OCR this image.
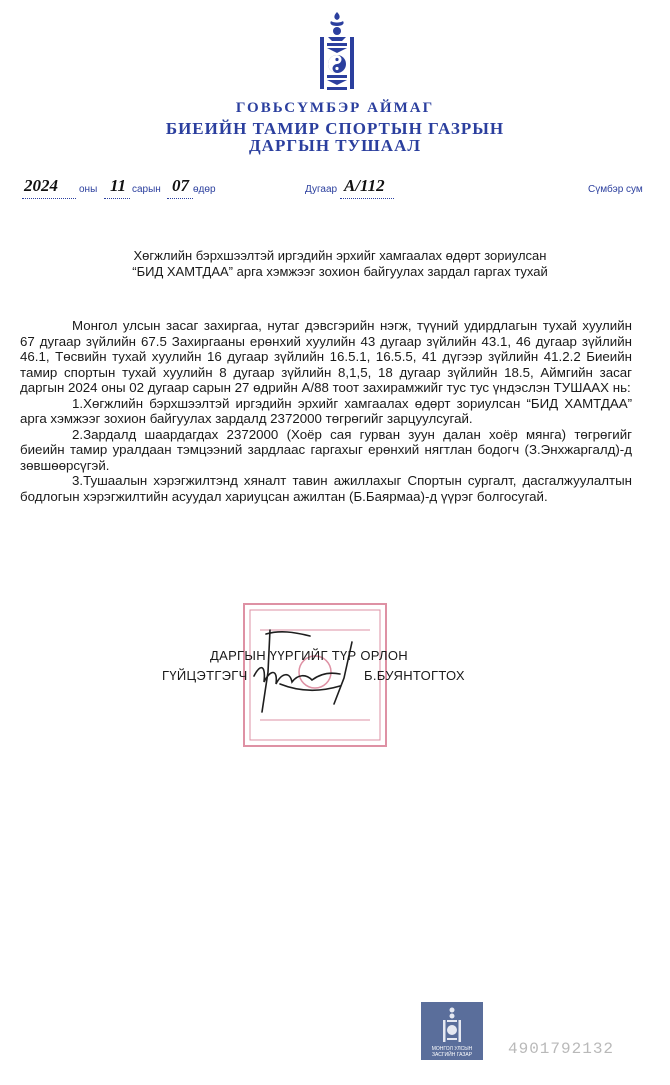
ГОВЬСҮМБЭР АЙМАГ
БИЕИЙН ТАМИР СПОРТЫН ГАЗРЫН
ДАРГЫН ТУШААЛ
2024 оны 11 сарын 07 өдөр	Дугаар А/112	Сүмбэр сум
Хөгжлийн бэрхшээлтэй иргэдийн эрхийг хамгаалах өдөрт зориулсан
“БИД ХАМТДАА” арга хэмжээг зохион байгуулах зардал гаргах тухай

Монгол улсын засаг захиргаа, нутаг дэвсгэрийн нэгж, түүний удирдлагын тухай хуулийн 67 дугаар зүйлийн 67.5 Захиргааны ерөнхий хуулийн 43 дугаар зүйлийн 43.1, 46 дугаар зүйлийн 46.1, Төсвийн тухай хуулийн 16 дугаар зүйлийн 16.5.1, 16.5.5, 41 дүгээр зүйлийн 41.2.2 Биеийн тамир спортын тухай хуулийн 8 дугаар зүйлийн 8,1,5, 18 дугаар зүйлийн 18.5, Аймгийн засаг даргын 2024 оны 02 дугаар сарын 27 өдрийн А/88 тоот захирамжийг тус тус үндэслэн ТУШААХ нь:

1.Хөгжлийн бэрхшээлтэй иргэдийн эрхийг хамгаалах өдөрт зориулсан “БИД ХАМТДАА” арга хэмжээг зохион байгуулах зардалд 2372000 төгрөгийг зарцуулсугай.

2.Зардалд шаардагдах 2372000 (Хоёр сая гурван зуун далан хоёр мянга) төгрөгийг биеийн тамир уралдаан тэмцээний зардлаас гаргахыг ерөнхий нягтлан бодогч (З.Энхжаргалд)-д зөвшөөрсүгэй.

3.Тушаалын хэрэгжилтэнд хяналт тавин ажиллахыг Спортын сургалт, дасгалжуулалтын бодлогын хэрэгжилтийн асуудал хариуцсан ажилтан (Б.Баярмаа)-д үүрэг болгосугай.

ДАРГЫН ҮҮРГИЙГ ТҮР ОРЛОН
ГҮЙЦЭТГЭГЧ	Б.БУЯНТОГТОХ
МОНГОЛ УЛСЫН ЗАСГИЙН ГАЗАР	4901792132
